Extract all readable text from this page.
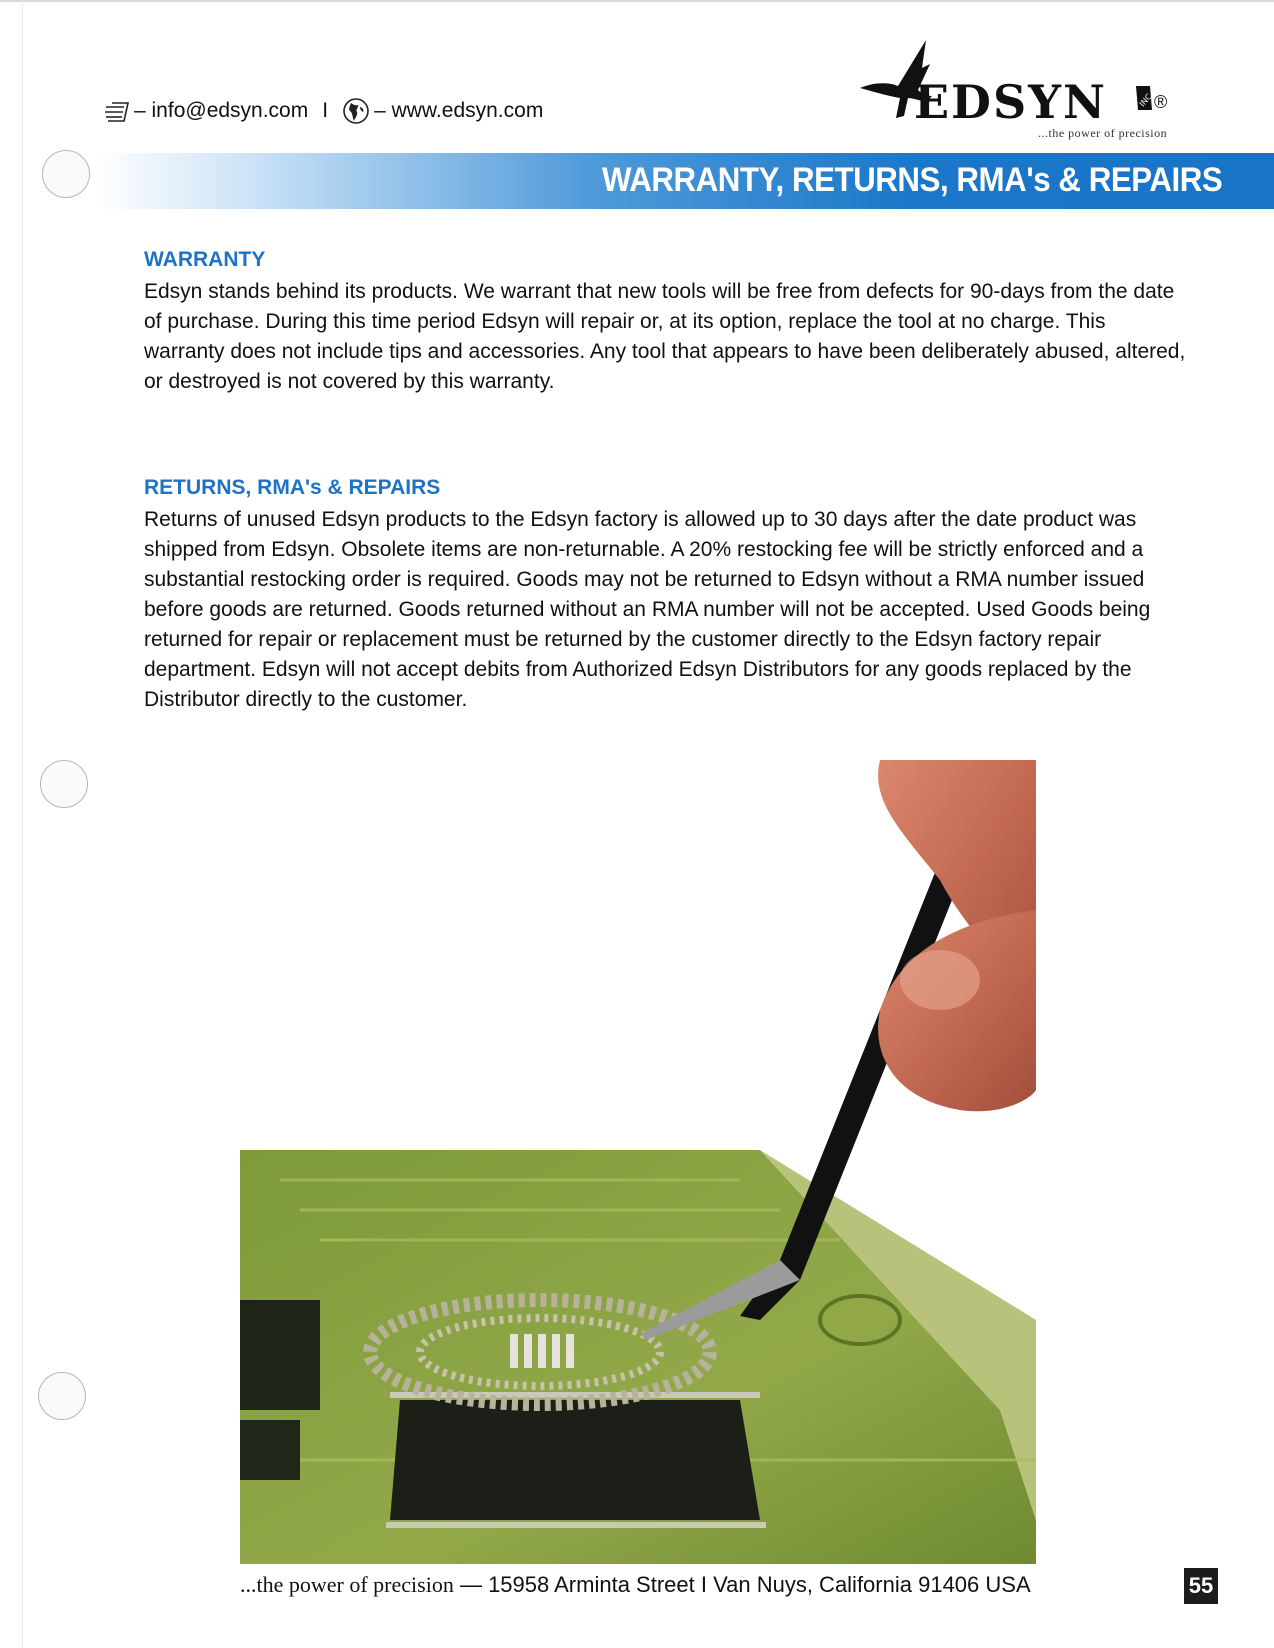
– info@edsyn.com I – www.edsyn.com	EDSYN	INC ®
...the power of precision
WARRANTY, RETURNS, RMA's & REPAIRS
WARRANTY
Edsyn stands behind its products. We warrant that new tools will be free from defects for 90-days from the date of purchase. During this time period Edsyn will repair or, at its option, replace the tool at no charge. This warranty does not include tips and accessories. Any tool that appears to have been deliberately abused, altered, or destroyed is not covered by this warranty.
RETURNS, RMA's & REPAIRS
Returns of unused Edsyn products to the Edsyn factory is allowed up to 30 days after the date product was shipped from Edsyn. Obsolete items are non-returnable. A 20% restocking fee will be strictly enforced and a substantial restocking order is required. Goods may not be returned to Edsyn without a RMA number issued before goods are returned. Goods returned without an RMA number will not be accepted. Used Goods being returned for repair or replacement must be returned by the customer directly to the Edsyn factory repair department. Edsyn will not accept debits from Authorized Edsyn Distributors for any goods replaced by the Distributor directly to the customer.
...the power of precision — 15958 Arminta Street I Van Nuys, California 91406 USA	55
